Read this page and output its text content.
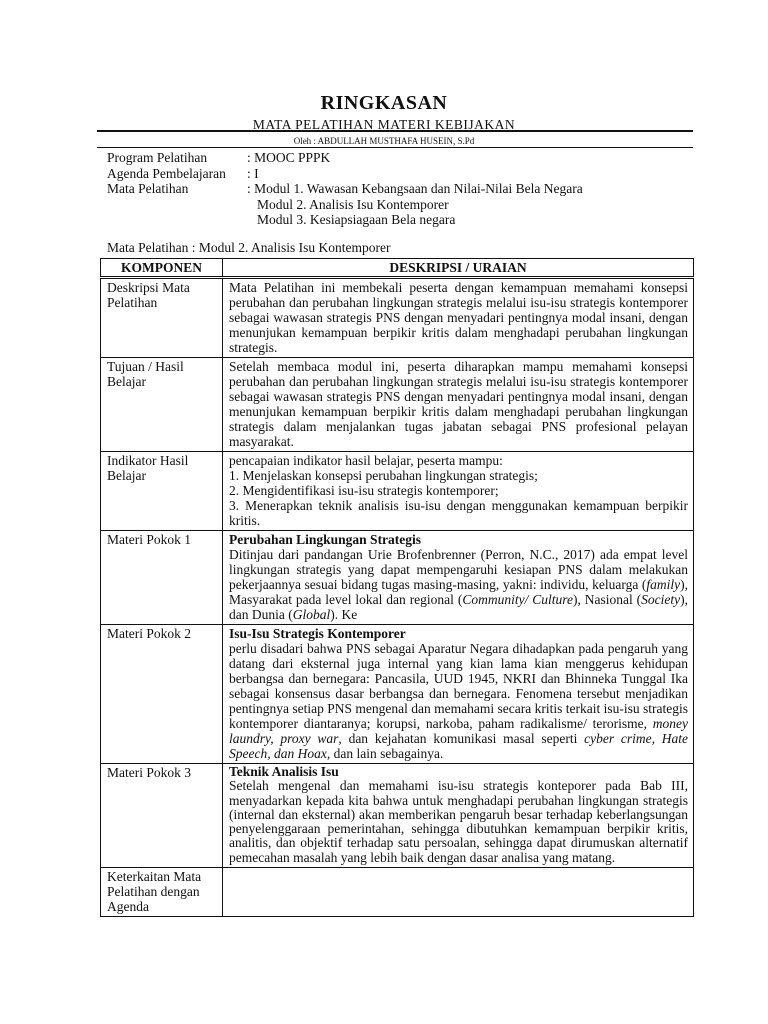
RINGKASAN
MATA PELATIHAN MATERI KEBIJAKAN
Oleh : ABDULLAH MUSTHAFA HUSEIN, S.Pd
Program Pelatihan	: MOOC PPPK
Agenda Pembelajaran	: I
Mata Pelatihan	: Modul 1. Wawasan Kebangsaan dan Nilai-Nilai Bela Negara
Modul 2. Analisis Isu Kontemporer
Modul 3. Kesiapsiagaan Bela negara
Mata Pelatihan : Modul 2. Analisis Isu Kontemporer
KOMPONEN	DESKRIPSI / URAIAN
Deskripsi Mata Pelatihan	Mata Pelatihan ini membekali peserta dengan kemampuan memahami konsepsi perubahan dan perubahan lingkungan strategis melalui isu-isu strategis kontemporer sebagai wawasan strategis PNS dengan menyadari pentingnya modal insani, dengan menunjukan kemampuan berpikir kritis dalam menghadapi perubahan lingkungan strategis.
Tujuan / Hasil Belajar	Setelah membaca modul ini, peserta diharapkan mampu memahami konsepsi perubahan dan perubahan lingkungan strategis melalui isu-isu strategis kontemporer sebagai wawasan strategis PNS dengan menyadari pentingnya modal insani, dengan menunjukan kemampuan berpikir kritis dalam menghadapi perubahan lingkungan strategis dalam menjalankan tugas jabatan sebagai PNS profesional pelayan masyarakat.
Indikator Hasil Belajar	pencapaian indikator hasil belajar, peserta mampu:
1. Menjelaskan konsepsi perubahan lingkungan strategis;
2. Mengidentifikasi isu-isu strategis kontemporer;
3. Menerapkan teknik analisis isu-isu dengan menggunakan kemampuan berpikir kritis.

Materi Pokok 1	Perubahan Lingkungan Strategis
Ditinjau dari pandangan Urie Brofenbrenner (Perron, N.C., 2017) ada empat level lingkungan strategis yang dapat mempengaruhi kesiapan PNS dalam melakukan pekerjaannya sesuai bidang tugas masing-masing, yakni: individu, keluarga (family), Masyarakat pada level lokal dan regional (Community/ Culture), Nasional (Society), dan Dunia (Global). Ke

Materi Pokok 2	Isu-Isu Strategis Kontemporer
perlu disadari bahwa PNS sebagai Aparatur Negara dihadapkan pada pengaruh yang datang dari eksternal juga internal yang kian lama kian menggerus kehidupan berbangsa dan bernegara: Pancasila, UUD 1945, NKRI dan Bhinneka Tunggal Ika sebagai konsensus dasar berbangsa dan bernegara. Fenomena tersebut menjadikan pentingnya setiap PNS mengenal dan memahami secara kritis terkait isu-isu strategis kontemporer diantaranya; korupsi, narkoba, paham radikalisme/ terorisme, money laundry, proxy war, dan kejahatan komunikasi masal seperti cyber crime, Hate Speech, dan Hoax, dan lain sebagainya.

Materi Pokok 3	Teknik Analisis Isu
Setelah mengenal dan memahami isu-isu strategis konteporer pada Bab III, menyadarkan kepada kita bahwa untuk menghadapi perubahan lingkungan strategis (internal dan eksternal) akan memberikan pengaruh besar terhadap keberlangsungan penyelenggaraan pemerintahan, sehingga dibutuhkan kemampuan berpikir kritis, analitis, dan objektif terhadap satu persoalan, sehingga dapat dirumuskan alternatif pemecahan masalah yang lebih baik dengan dasar analisa yang matang.

Keterkaitan Mata Pelatihan dengan Agenda	
